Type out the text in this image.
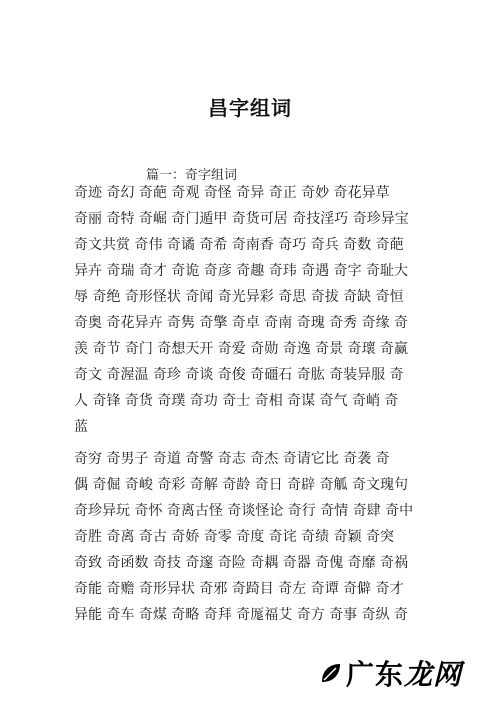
昌字组词
篇一：奇字组词
奇迹 奇幻 奇葩 奇观 奇怪 奇异 奇正 奇妙 奇花异草
奇丽 奇特 奇崛 奇门遁甲 奇货可居 奇技淫巧 奇珍异宝
奇文共赏 奇伟 奇谲 奇希 奇南香 奇巧 奇兵 奇数 奇葩
异卉 奇瑞 奇才 奇诡 奇彦 奇趣 奇玮 奇遇 奇字 奇耻大
辱 奇绝 奇形怪状 奇闻 奇光异彩 奇思 奇拔 奇缺 奇恒
奇奥 奇花异卉 奇隽 奇擎 奇卓 奇南 奇瑰 奇秀 奇缘 奇
羡 奇节 奇门 奇想天开 奇爱 奇勋 奇逸 奇景 奇瓌 奇赢
奇文 奇渥温 奇珍 奇谈 奇俊 奇礓石 奇肱 奇装异服 奇
人 奇锋 奇货 奇璞 奇功 奇士 奇相 奇谋 奇气 奇峭 奇
蓝
奇穷 奇男子 奇道 奇警 奇志 奇杰 奇请它比 奇袭 奇
偶 奇倔 奇峻 奇彩 奇解 奇龄 奇日 奇辟 奇觚 奇文瑰句
奇珍异玩 奇怀 奇离古怪 奇谈怪论 奇行 奇情 奇肆 奇中
奇胜 奇离 奇古 奇娇 奇零 奇度 奇诧 奇绩 奇颖 奇突
奇致 奇函数 奇技 奇邃 奇险 奇耦 奇器 奇傀 奇靡 奇祸
奇能 奇赡 奇形异状 奇邪 奇踦目 奇左 奇谭 奇僻 奇才
异能 奇车 奇煤 奇略 奇拜 奇厖福艾 奇方 奇事 奇纵 奇
广东 龙网
